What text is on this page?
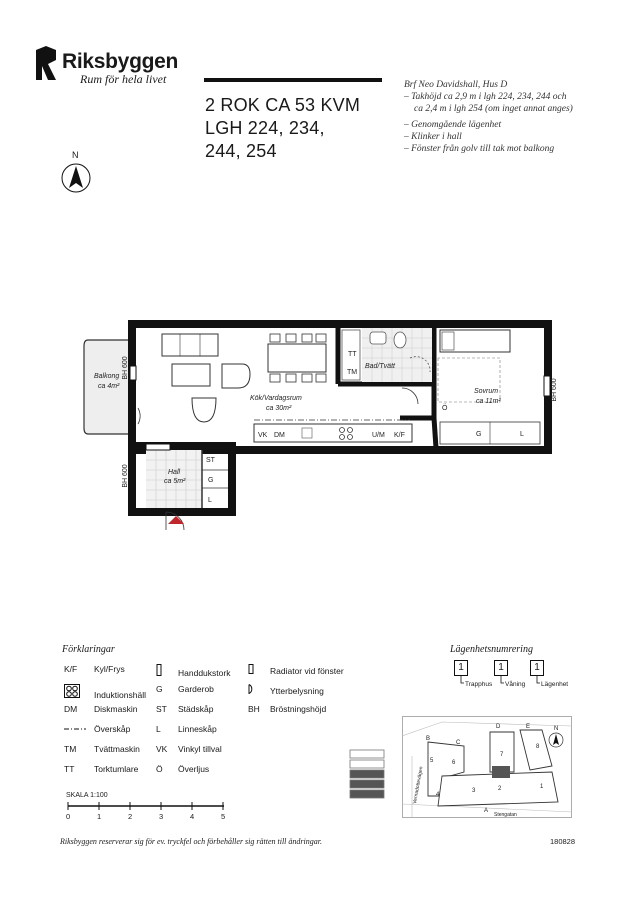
Riksbyggen
Rum för hela livet
2 ROK CA 53 KVM
LGH 224, 234,
244, 254
Brf Neo Davidshall, Hus D
– Takhöjd ca 2,9 m i lgh 224, 234, 244 och
ca 2,4 m i lgh 254 (om inget annat anges)
– Genomgående lägenhet
– Klinker i hall
– Fönster från golv till tak mot balkong
N
BH 600
BH 600
BH 600
TT
TM
VK DM	U/M K/F
Ö
G	L
ST
G
L
Balkong
ca 4m²
Kök/Vardagsrum
ca 30m²
Bad/Tvätt
Sovrum
ca 11m²
Hall
ca 5m²
Förklaringar
K/F Kyl/Frys
Induktionshäll
DM Diskmaskin
Överskåp
TM Tvättmaskin
TT Torktumlare
Handdukstork
G Garderob
ST Städskåp
L Linneskåp
VK Vinkyl tillval
Ö Överljus
Radiator vid fönster
Ytterbelysning
BH Bröstningshöjd
SKALA 1:100
0	1	2	3	4	5
Lägenhetsnumrering
1	1	1
Trapphus Våning Lägenhet
N
B
C
D	E
A
5	6
7
8
4
3	2	1
Stengatan
Vernadottevägen
Riksbyggen reserverar sig för ev. tryckfel och förbehåller sig rätten till ändringar.	180828
